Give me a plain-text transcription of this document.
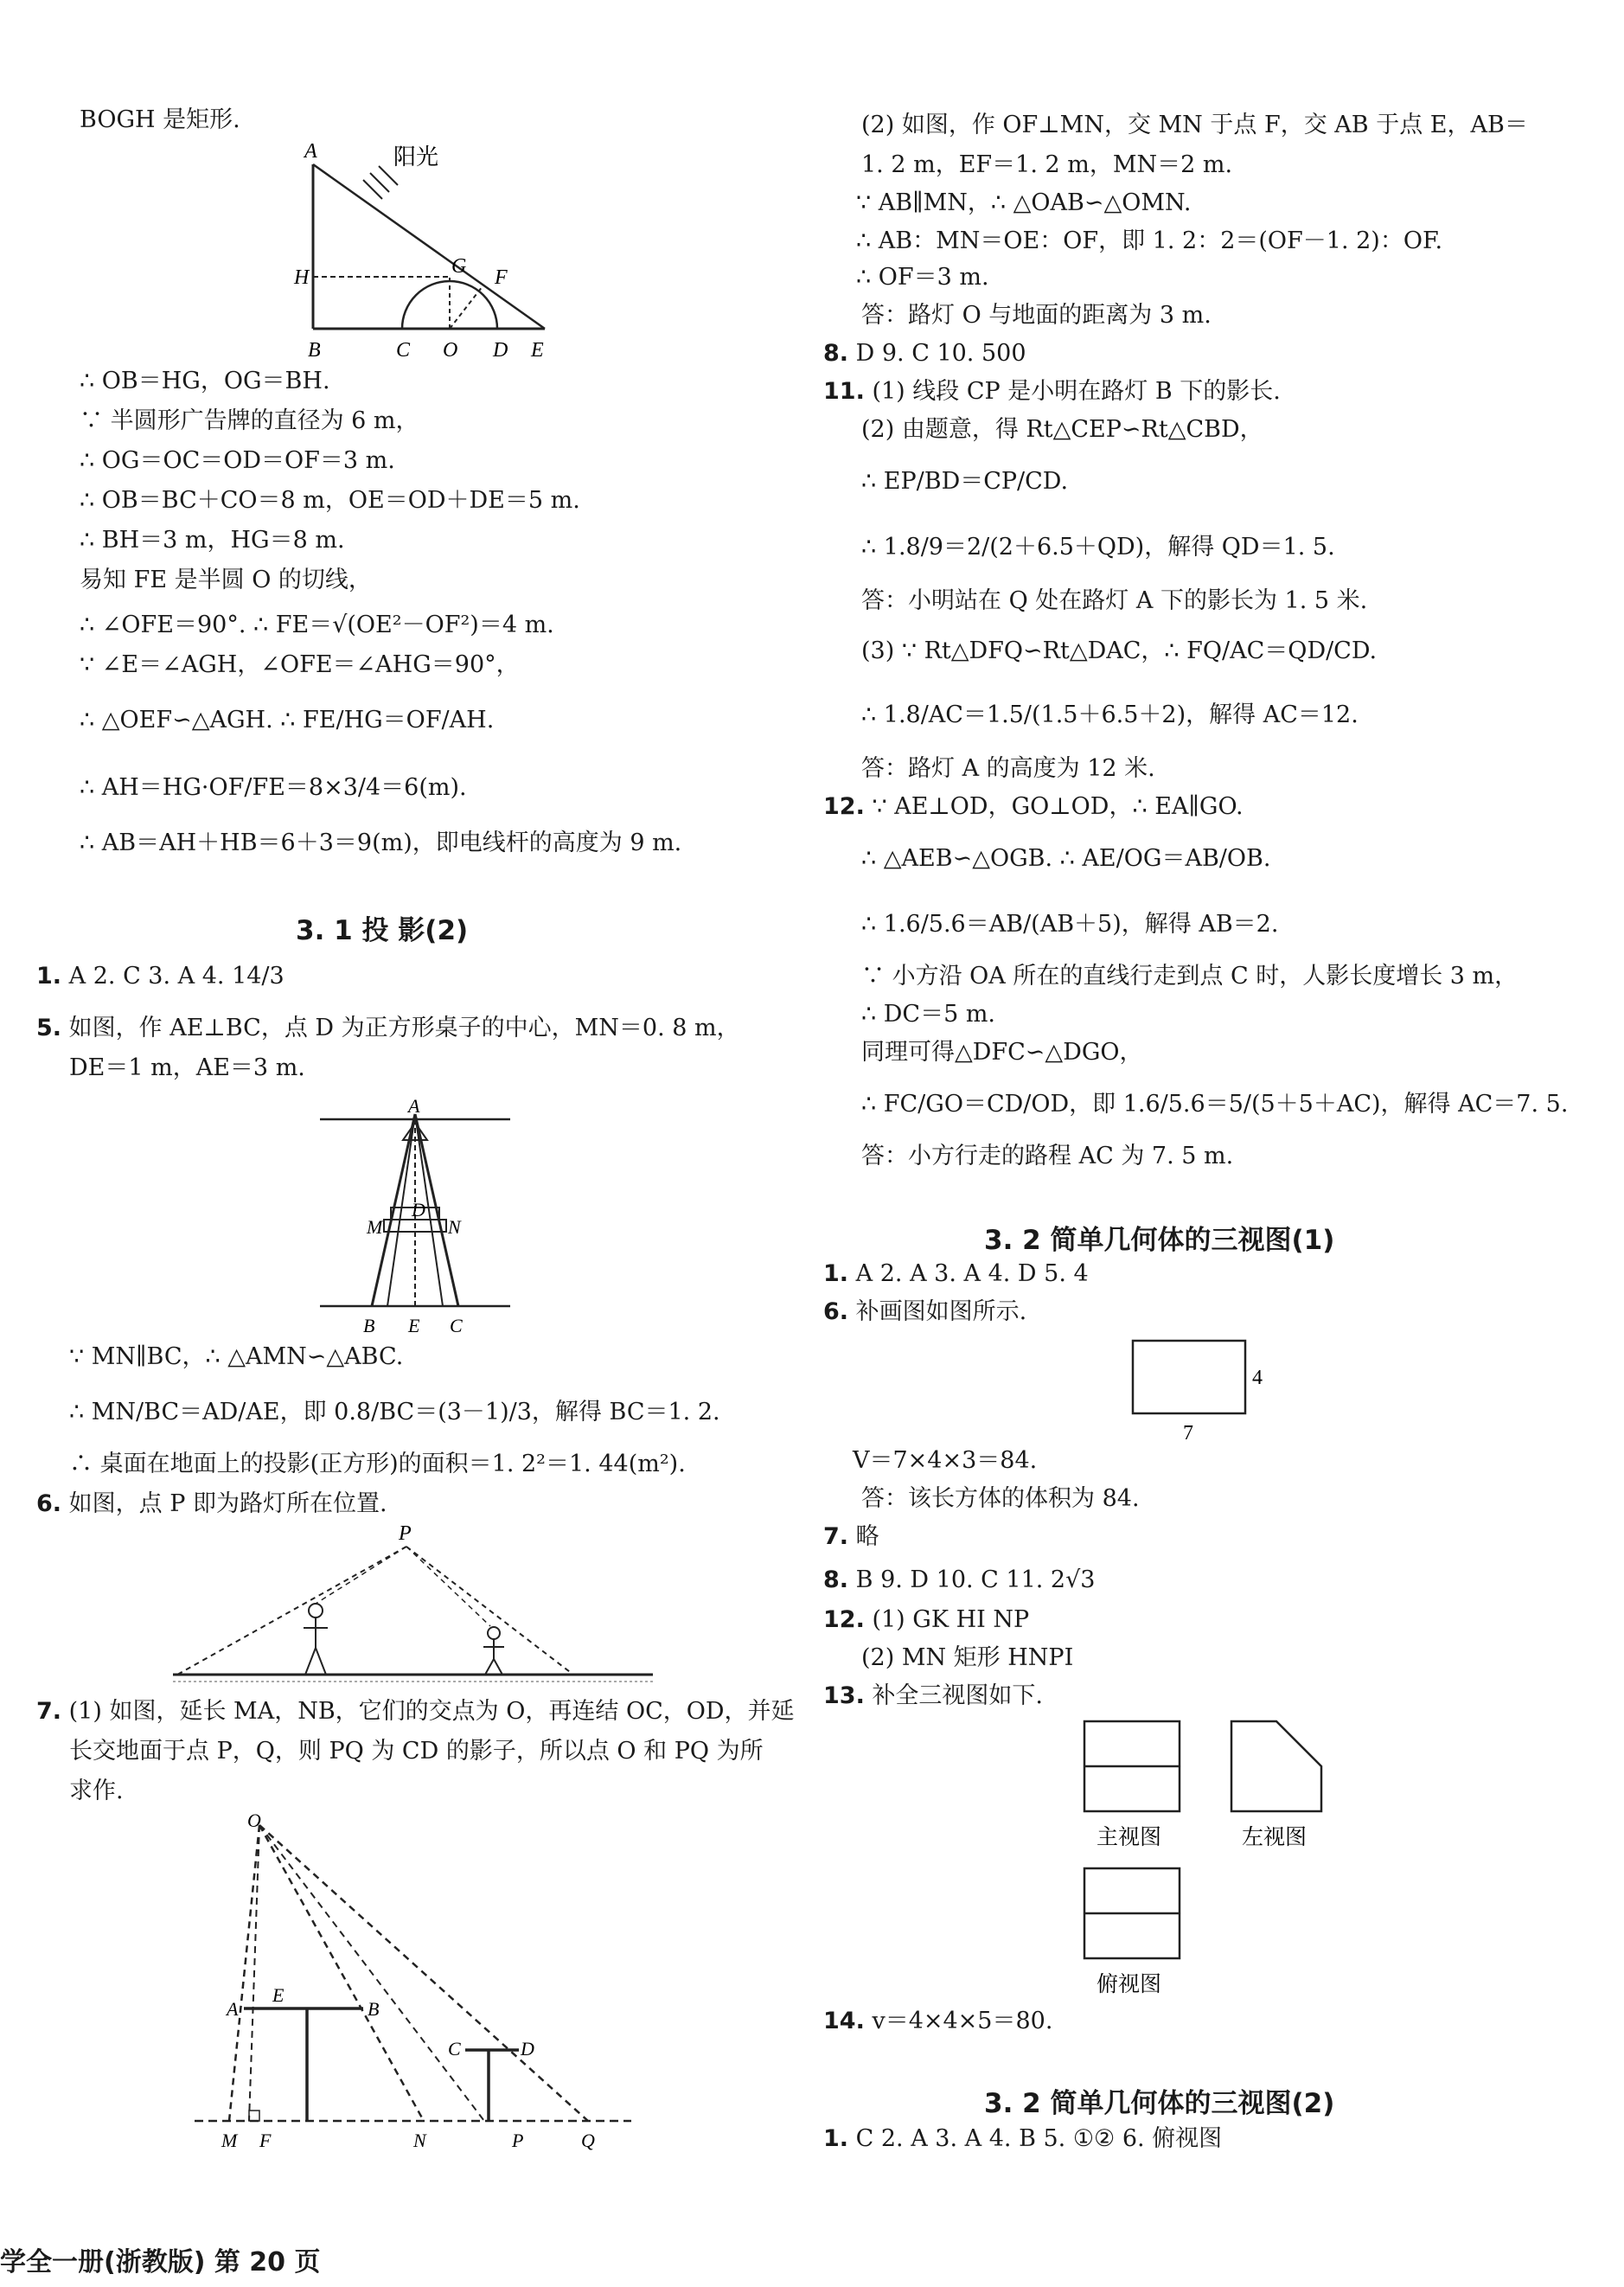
BOGH 是矩形.
∴ OB＝HG，OG＝BH.
∵ 半圆形广告牌的直径为 6 m，
∴ OG＝OC＝OD＝OF＝3 m.
∴ OB＝BC＋CO＝8 m，OE＝OD＋DE＝5 m.
∴ BH＝3 m，HG＝8 m.
易知 FE 是半圆 O 的切线，
∴ ∠OFE＝90°. ∴ FE＝√(OE²－OF²)＝4 m.
∵ ∠E＝∠AGH，∠OFE＝∠AHG＝90°，
∴ △OEF∽△AGH. ∴ FE/HG＝OF/AH.
∴ AH＝HG·OF/FE＝8×3/4＝6(m).
∴ AB＝AH＋HB＝6＋3＝9(m)，即电线杆的高度为 9 m.
3. 1 投 影(2)
1. A 2. C 3. A 4. 14/3
5. 如图，作 AE⊥BC，点 D 为正方形桌子的中心，MN＝0. 8 m，
DE＝1 m，AE＝3 m.
∵ MN∥BC，∴ △AMN∽△ABC.
∴ MN/BC＝AD/AE，即 0.8/BC＝(3－1)/3，解得 BC＝1. 2.
∴ 桌面在地面上的投影(正方形)的面积＝1. 2²＝1. 44(m²).
6. 如图，点 P 即为路灯所在位置.
7. (1) 如图，延长 MA，NB，它们的交点为 O，再连结 OC，OD，并延
长交地面于点 P，Q，则 PQ 为 CD 的影子，所以点 O 和 PQ 为所
求作.
A	阳光
H	G F
B	C O D E
A
M
D
N
B E C
P
O
A
E
B
C	D
M F	N	P	Q
(2) 如图，作 OF⊥MN，交 MN 于点 F，交 AB 于点 E，AB＝
1. 2 m，EF＝1. 2 m，MN＝2 m.
∵ AB∥MN，∴ △OAB∽△OMN.
∴ AB：MN＝OE：OF，即 1. 2：2＝(OF－1. 2)：OF.
∴ OF＝3 m.
答：路灯 O 与地面的距离为 3 m.
8. D 9. C 10. 500
11. (1) 线段 CP 是小明在路灯 B 下的影长.
(2) 由题意，得 Rt△CEP∽Rt△CBD，
∴ EP/BD＝CP/CD.
∴ 1.8/9＝2/(2＋6.5＋QD)，解得 QD＝1. 5.
答：小明站在 Q 处在路灯 A 下的影长为 1. 5 米.
(3) ∵ Rt△DFQ∽Rt△DAC，∴ FQ/AC＝QD/CD.
∴ 1.8/AC＝1.5/(1.5＋6.5＋2)，解得 AC＝12.
答：路灯 A 的高度为 12 米.
12. ∵ AE⊥OD，GO⊥OD，∴ EA∥GO.
∴ △AEB∽△OGB. ∴ AE/OG＝AB/OB.
∴ 1.6/5.6＝AB/(AB＋5)，解得 AB＝2.
∵ 小方沿 OA 所在的直线行走到点 C 时，人影长度增长 3 m，
∴ DC＝5 m.
同理可得△DFC∽△DGO，
∴ FC/GO＝CD/OD，即 1.6/5.6＝5/(5＋5＋AC)，解得 AC＝7. 5.
答：小方行走的路程 AC 为 7. 5 m.
3. 2 简单几何体的三视图(1)
1. A 2. A 3. A 4. D 5. 4
6. 补画图如图所示.
V＝7×4×3＝84.
答：该长方体的体积为 84.
7. 略
8. B 9. D 10. C 11. 2√3
12. (1) GK HI NP
(2) MN 矩形 HNPI
13. 补全三视图如下.
14. v＝4×4×5＝80.
3. 2 简单几何体的三视图(2)
1. C 2. A 3. A 4. B 5. ①② 6. 俯视图
4
7
主视图	左视图
俯视图
学全一册(浙教版) 第 20 页
